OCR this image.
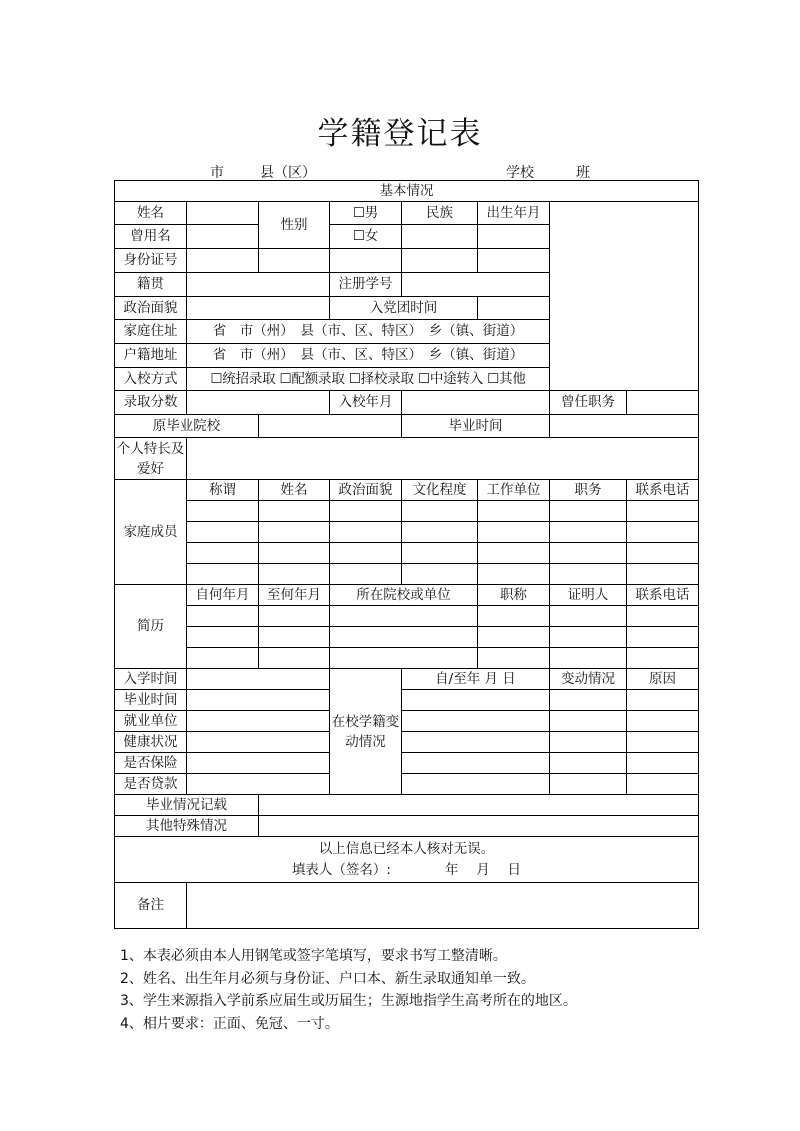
学籍登记表
市	县（区）	学校	班
基本情况							
姓名		性别	☐男	民族	出生年月		
曾用名			☐女				
身份证号							
籍贯			注册学号				
政治面貌			入党团时间				
家庭住址	省　市（州）　县（市、区、特区）　乡（镇、街道）						
户籍地址	省　市（州）　县（市、区、特区）　乡（镇、街道）						
入校方式	☐统招录取 ☐配额录取 ☐择校录取 ☐中途转入 ☐其他						
录取分数			入校年月			曾任职务	
原毕业院校				毕业时间			
个人特长及爱好							
家庭成员	称谓	姓名	政治面貌	文化程度	工作单位	职务	联系电话

简历	自何年月	至何年月	所在院校或单位		职称	证明人	联系电话

入学时间			在校学籍变动情况	自/至年 月 日		变动情况	原因
毕业时间							
就业单位							
健康状况							
是否保险							
是否贷款							
毕业情况记载							
其他特殊情况							

以上信息已经本人核对无误。
填表人（签名）:　　　　年　 月　 日							

备注							
1、本表必须由本人用钢笔或签字笔填写，要求书写工整清晰。
2、姓名、出生年月必须与身份证、户口本、新生录取通知单一致。
3、学生来源指入学前系应届生或历届生；生源地指学生高考所在的地区。
4、相片要求：正面、免冠、一寸。
